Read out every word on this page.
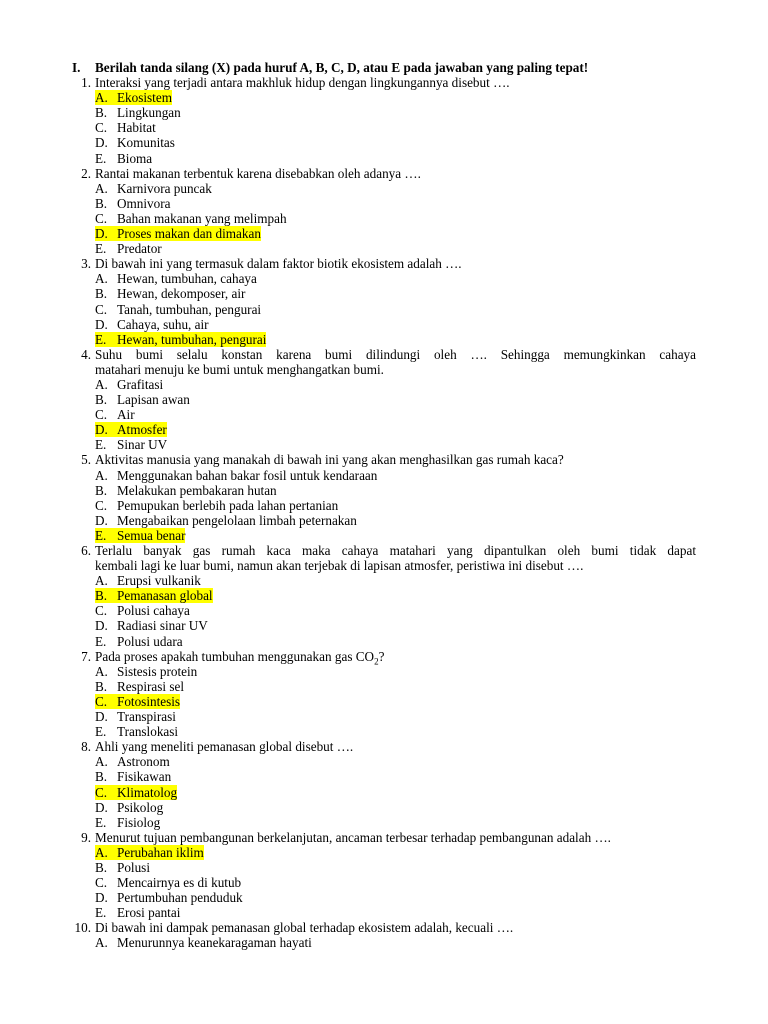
I. Berilah tanda silang (X) pada huruf A, B, C, D, atau E pada jawaban yang paling tepat!
1. Interaksi yang terjadi antara makhluk hidup dengan lingkungannya disebut ….
A. Ekosistem
B. Lingkungan
C. Habitat
D. Komunitas
E. Bioma
2. Rantai makanan terbentuk karena disebabkan oleh adanya ….
A. Karnivora puncak
B. Omnivora
C. Bahan makanan yang melimpah
D. Proses makan dan dimakan
E. Predator
3. Di bawah ini yang termasuk dalam faktor biotik ekosistem adalah ….
A. Hewan, tumbuhan, cahaya
B. Hewan, dekomposer, air
C. Tanah, tumbuhan, pengurai
D. Cahaya, suhu, air
E. Hewan, tumbuhan, pengurai
4. Suhu bumi selalu konstan karena bumi dilindungi oleh …. Sehingga memungkinkan cahaya
matahari menuju ke bumi untuk menghangatkan bumi.
A. Grafitasi
B. Lapisan awan
C. Air
D. Atmosfer
E. Sinar UV
5. Aktivitas manusia yang manakah di bawah ini yang akan menghasilkan gas rumah kaca?
A. Menggunakan bahan bakar fosil untuk kendaraan
B. Melakukan pembakaran hutan
C. Pemupukan berlebih pada lahan pertanian
D. Mengabaikan pengelolaan limbah peternakan
E. Semua benar
6. Terlalu banyak gas rumah kaca maka cahaya matahari yang dipantulkan oleh bumi tidak dapat
kembali lagi ke luar bumi, namun akan terjebak di lapisan atmosfer, peristiwa ini disebut ….
A. Erupsi vulkanik
B. Pemanasan global
C. Polusi cahaya
D. Radiasi sinar UV
E. Polusi udara
7. Pada proses apakah tumbuhan menggunakan gas $CO_2$?
A. Sistesis protein
B. Respirasi sel
C. Fotosintesis
D. Transpirasi
E. Translokasi
8. Ahli yang meneliti pemanasan global disebut ….
A. Astronom
B. Fisikawan
C. Klimatolog
D. Psikolog
E. Fisiolog
9. Menurut tujuan pembangunan berkelanjutan, ancaman terbesar terhadap pembangunan adalah ….
A. Perubahan iklim
B. Polusi
C. Mencairnya es di kutub
D. Pertumbuhan penduduk
E. Erosi pantai
10. Di bawah ini dampak pemanasan global terhadap ekosistem adalah, kecuali ….
A. Menurunnya keanekaragaman hayati
